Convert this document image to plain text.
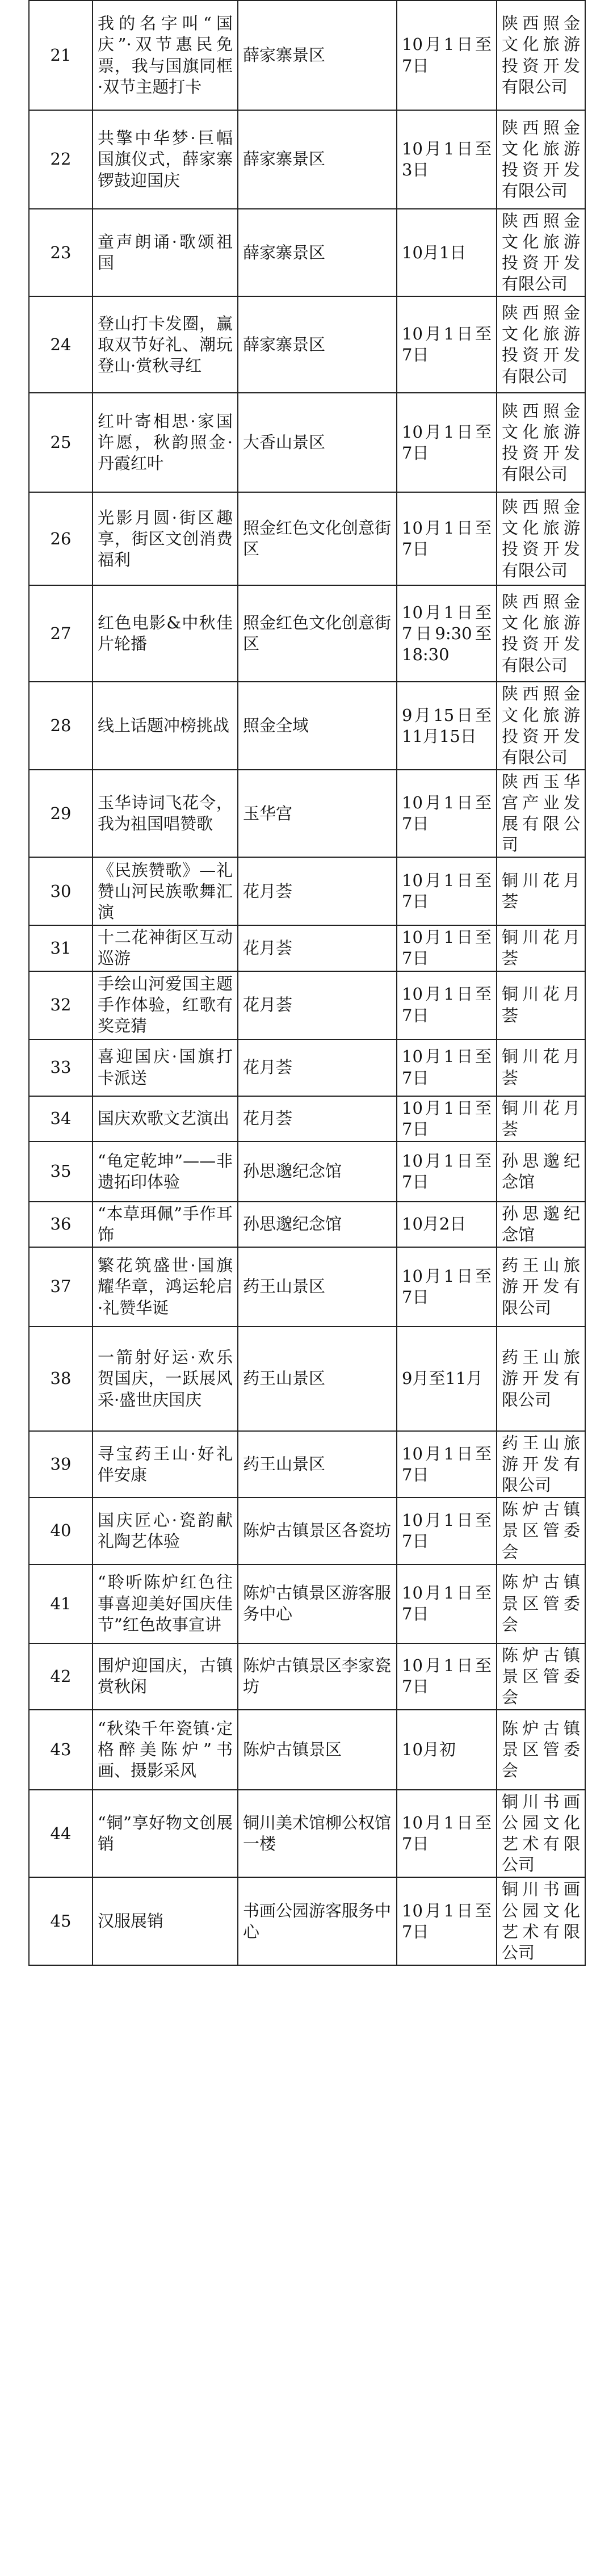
21	我的名字叫“国庆”·双节惠民免票，我与国旗同框·双节主题打卡	薛家寨景区	10月1日至7日	陕西照金文化旅游投资开发有限公司
22	共擎中华梦·巨幅国旗仪式，薛家寨锣鼓迎国庆	薛家寨景区	10月1日至3日	陕西照金文化旅游投资开发有限公司
23	童声朗诵·歌颂祖国	薛家寨景区	10月1日	陕西照金文化旅游投资开发有限公司
24	登山打卡发圈，赢取双节好礼、潮玩登山·赏秋寻红	薛家寨景区	10月1日至7日	陕西照金文化旅游投资开发有限公司
25	红叶寄相思·家国许愿，秋韵照金·丹霞红叶	大香山景区	10月1日至7日	陕西照金文化旅游投资开发有限公司
26	光影月圆·街区趣享，街区文创消费福利	照金红色文化创意街区	10月1日至7日	陕西照金文化旅游投资开发有限公司
27	红色电影&中秋佳片轮播	照金红色文化创意街区	10月1日至7日9:30至18:30	陕西照金文化旅游投资开发有限公司
28	线上话题冲榜挑战	照金全域	9月15日至11月15日	陕西照金文化旅游投资开发有限公司
29	玉华诗词飞花令，我为祖国唱赞歌	玉华宫	10月1日至7日	陕西玉华宫产业发展有限公司
30	《民族赞歌》—礼赞山河民族歌舞汇演	花月荟	10月1日至7日	铜川花月荟
31	十二花神街区互动巡游	花月荟	10月1日至7日	铜川花月荟
32	手绘山河爱国主题手作体验，红歌有奖竞猜	花月荟	10月1日至7日	铜川花月荟
33	喜迎国庆·国旗打卡派送	花月荟	10月1日至7日	铜川花月荟
34	国庆欢歌文艺演出	花月荟	10月1日至7日	铜川花月荟
35	“龟定乾坤”——非遗拓印体验	孙思邈纪念馆	10月1日至7日	孙思邈纪念馆
36	“本草珥佩”手作耳饰	孙思邈纪念馆	10月2日	孙思邈纪念馆
37	繁花筑盛世·国旗耀华章，鸿运轮启·礼赞华诞	药王山景区	10月1日至7日	药王山旅游开发有限公司
38	一箭射好运·欢乐贺国庆，一跃展风采·盛世庆国庆	药王山景区	9月至11月	药王山旅游开发有限公司
39	寻宝药王山·好礼伴安康	药王山景区	10月1日至7日	药王山旅游开发有限公司
40	国庆匠心·瓷韵献礼陶艺体验	陈炉古镇景区各瓷坊	10月1日至7日	陈炉古镇景区管委会
41	“聆听陈炉红色往事喜迎美好国庆佳节”红色故事宣讲	陈炉古镇景区游客服务中心	10月1日至7日	陈炉古镇景区管委会
42	围炉迎国庆，古镇赏秋闲	陈炉古镇景区李家瓷坊	10月1日至7日	陈炉古镇景区管委会
43	“秋染千年瓷镇·定格醉美陈炉”书画、摄影采风	陈炉古镇景区	10月初	陈炉古镇景区管委会
44	“铜”享好物文创展销	铜川美术馆柳公权馆一楼	10月1日至7日	铜川书画公园文化艺术有限公司
45	汉服展销	书画公园游客服务中心	10月1日至7日	铜川书画公园文化艺术有限公司
